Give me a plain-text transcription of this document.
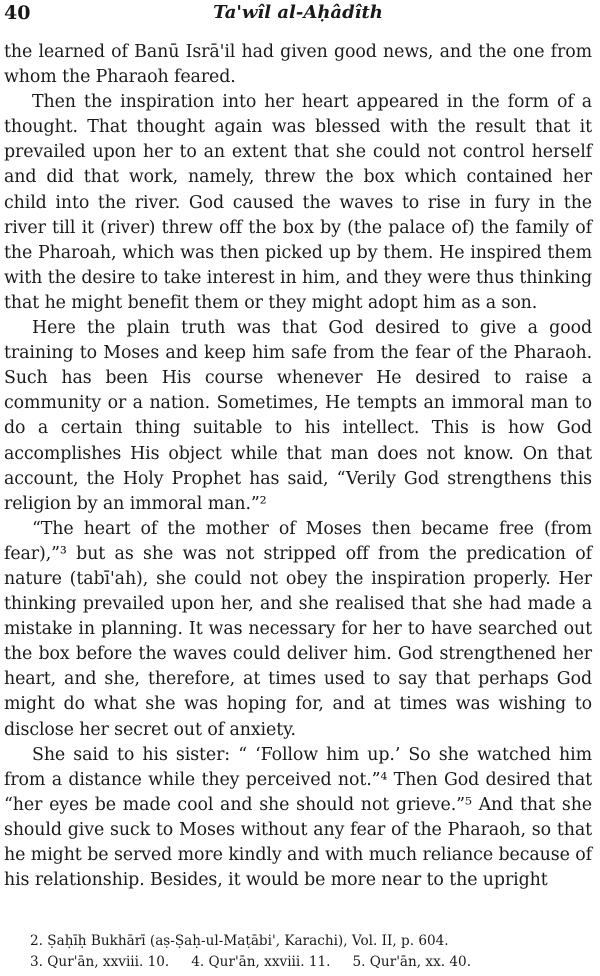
40	Ta'wîl al-Aḥâdîth

the learned of Banū Isrā'il had given good news, and the one from whom the Pharaoh feared.

Then the inspiration into her heart appeared in the form of a thought. That thought again was blessed with the result that it prevailed upon her to an extent that she could not control herself and did that work, namely, threw the box which contained her child into the river. God caused the waves to rise in fury in the river till it (river) threw off the box by (the palace of) the family of the Pharoah, which was then picked up by them. He inspired them with the desire to take interest in him, and they were thus thinking that he might benefit them or they might adopt him as a son.

Here the plain truth was that God desired to give a good training to Moses and keep him safe from the fear of the Pharaoh. Such has been His course whenever He desired to raise a community or a nation. Sometimes, He tempts an immoral man to do a certain thing suitable to his intellect. This is how God accomplishes His object while that man does not know. On that account, the Holy Prophet has said, “Verily God strengthens this religion by an immoral man.”²

“The heart of the mother of Moses then became free (from fear),”³ but as she was not stripped off from the predication of nature (tabī'ah), she could not obey the inspiration properly. Her thinking prevailed upon her, and she realised that she had made a mistake in planning. It was necessary for her to have searched out the box before the waves could deliver him. God strengthened her heart, and she, therefore, at times used to say that perhaps God might do what she was hoping for, and at times was wishing to disclose her secret out of anxiety.

She said to his sister: “ ‘Follow him up.’ So she watched him from a distance while they perceived not.”⁴ Then God desired that “her eyes be made cool and she should not grieve.”⁵ And that she should give suck to Moses without any fear of the Pharaoh, so that he might be served more kindly and with much reliance because of his relationship. Besides, it would be more near to the upright

2. Ṣaḥīḥ Bukhārī (aṣ-Ṣaḥ-ul-Maṭābi', Karachi), Vol. II, p. 604.
3. Qur'ān, xxviii. 10. 4. Qur'ān, xxviii. 11. 5. Qur'ān, xx. 40.
